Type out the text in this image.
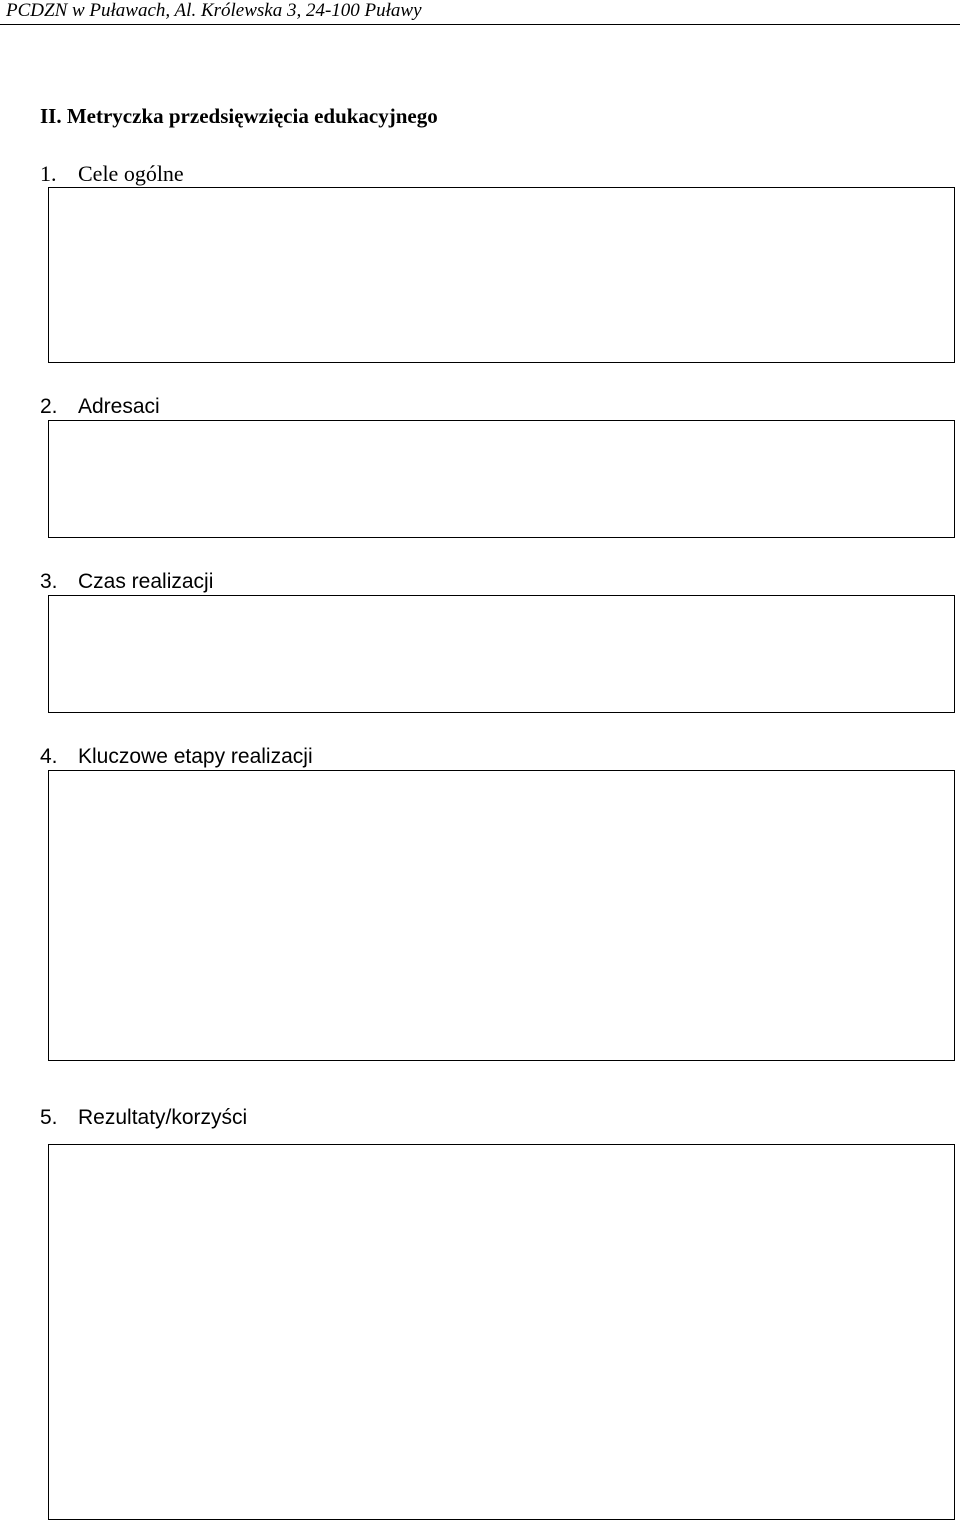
PCDZN w Puławach, Al. Królewska 3, 24-100 Puławy
II. Metryczka przedsięwzięcia edukacyjnego
1. Cele ogólne
2. Adresaci
3. Czas realizacji
4. Kluczowe etapy realizacji
5. Rezultaty/korzyści
